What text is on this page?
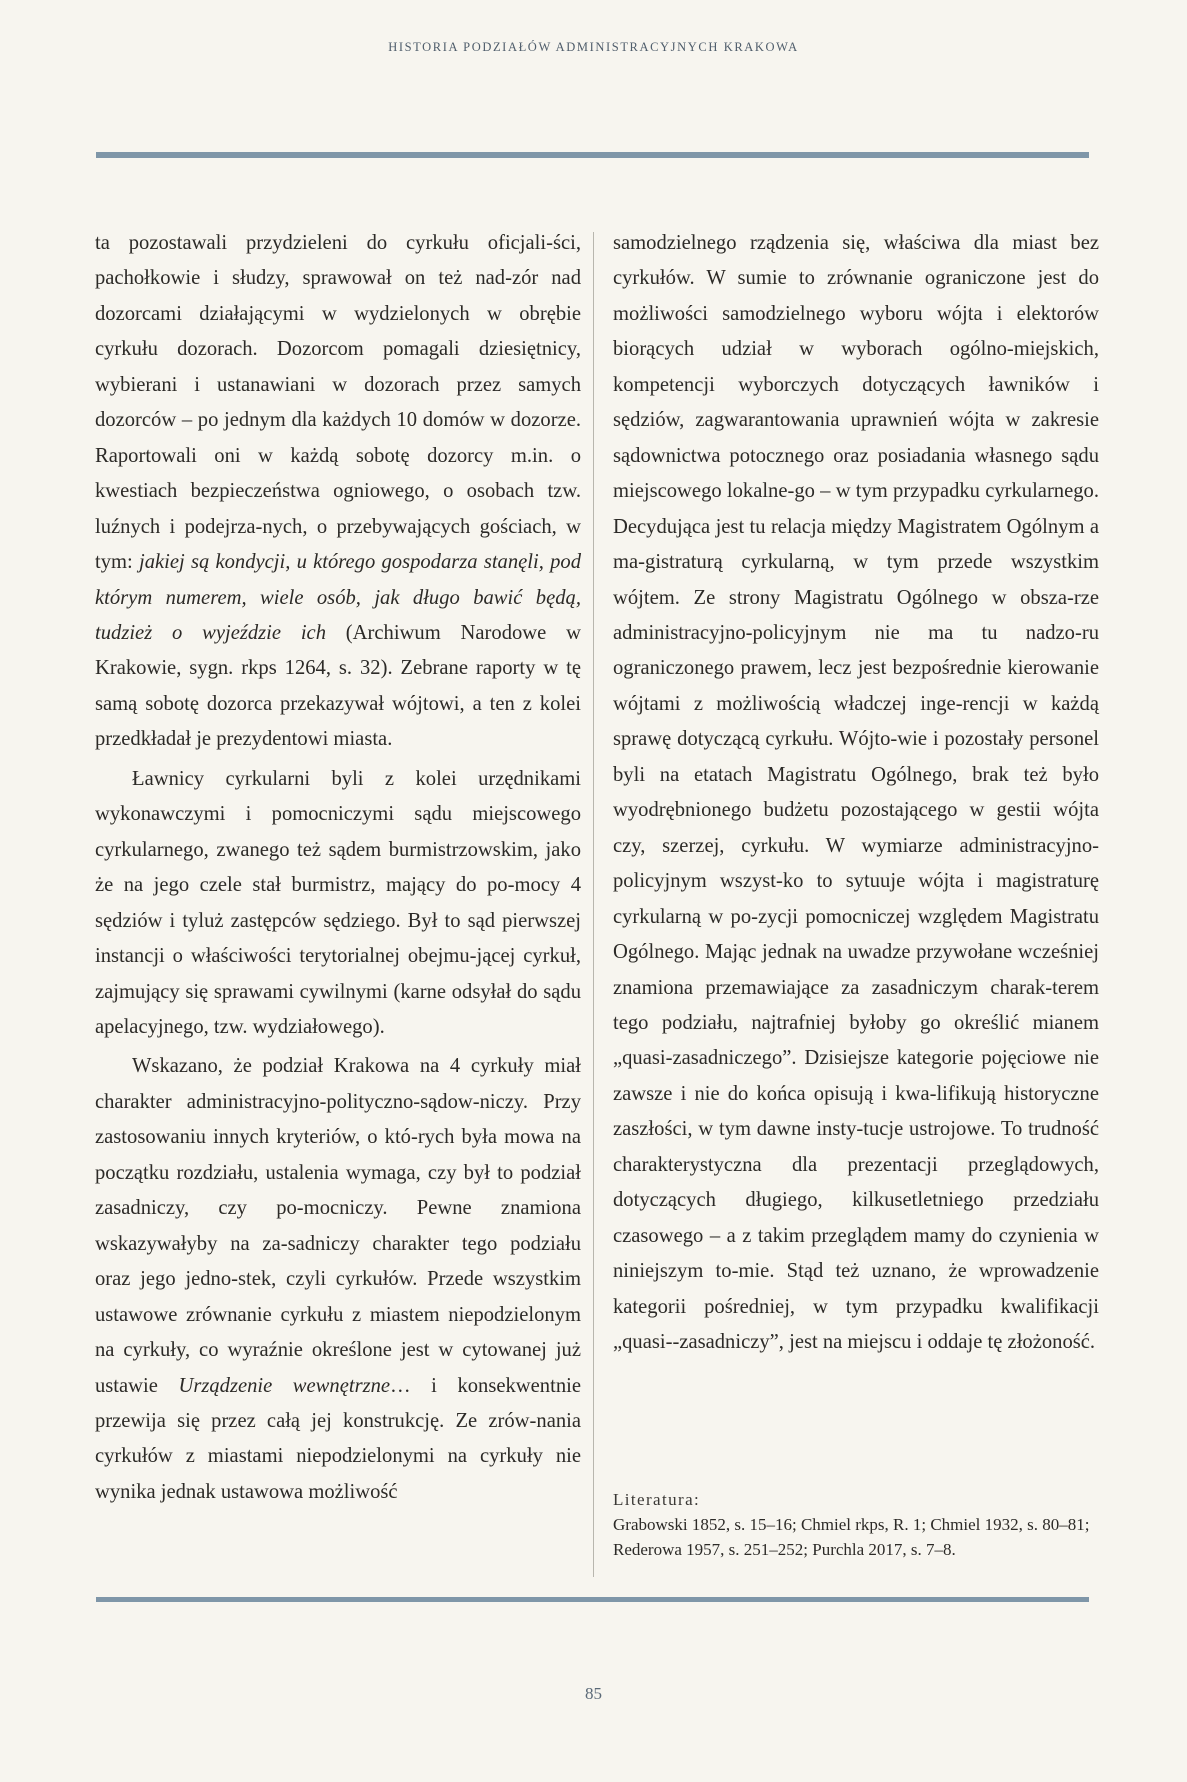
HISTORIA PODZIAŁÓW ADMINISTRACYJNYCH KRAKOWA

ta pozostawali przydzieleni do cyrkułu oficjali-ści, pachołkowie i słudzy, sprawował on też nad-zór nad dozorcami działającymi w wydzielonych w obrębie cyrkułu dozorach. Dozorcom pomagali dziesiętnicy, wybierani i ustanawiani w dozorach przez samych dozorców – po jednym dla każdych 10 domów w dozorze. Raportowali oni w każdą sobotę dozorcy m.in. o kwestiach bezpieczeństwa ogniowego, o osobach tzw. luźnych i podejrza-nych, o przebywających gościach, w tym: jakiej są kondycji, u którego gospodarza stanęli, pod którym numerem, wiele osób, jak długo bawić będą, tudzież o wyjeździe ich (Archiwum Narodowe w Krakowie, sygn. rkps 1264, s. 32). Zebrane raporty w tę samą sobotę dozorca przekazywał wójtowi, a ten z kolei przedkładał je prezydentowi miasta.

Ławnicy cyrkularni byli z kolei urzędnikami wykonawczymi i pomocniczymi sądu miejscowego cyrkularnego, zwanego też sądem burmistrzowskim, jako że na jego czele stał burmistrz, mający do po-mocy 4 sędziów i tyluż zastępców sędziego. Był to sąd pierwszej instancji o właściwości terytorialnej obejmu-jącej cyrkuł, zajmujący się sprawami cywilnymi (karne odsyłał do sądu apelacyjnego, tzw. wydziałowego).

Wskazano, że podział Krakowa na 4 cyrkuły miał charakter administracyjno-polityczno-sądow-niczy. Przy zastosowaniu innych kryteriów, o któ-rych była mowa na początku rozdziału, ustalenia wymaga, czy był to podział zasadniczy, czy po-mocniczy. Pewne znamiona wskazywałyby na za-sadniczy charakter tego podziału oraz jego jedno-stek, czyli cyrkułów. Przede wszystkim ustawowe zrównanie cyrkułu z miastem niepodzielonym na cyrkuły, co wyraźnie określone jest w cytowanej już ustawie Urządzenie wewnętrzne… i konsekwentnie przewija się przez całą jej konstrukcję. Ze zrów-nania cyrkułów z miastami niepodzielonymi na cyrkuły nie wynika jednak ustawowa możliwość

samodzielnego rządzenia się, właściwa dla miast bez cyrkułów. W sumie to zrównanie ograniczone jest do możliwości samodzielnego wyboru wójta i elektorów biorących udział w wyborach ogólno-miejskich, kompetencji wyborczych dotyczących ławników i sędziów, zagwarantowania uprawnień wójta w zakresie sądownictwa potocznego oraz posiadania własnego sądu miejscowego lokalne-go – w tym przypadku cyrkularnego. Decydująca jest tu relacja między Magistratem Ogólnym a ma-gistraturą cyrkularną, w tym przede wszystkim wójtem. Ze strony Magistratu Ogólnego w obsza-rze administracyjno-policyjnym nie ma tu nadzo-ru ograniczonego prawem, lecz jest bezpośrednie kierowanie wójtami z możliwością władczej inge-rencji w każdą sprawę dotyczącą cyrkułu. Wójto-wie i pozostały personel byli na etatach Magistratu Ogólnego, brak też było wyodrębnionego budżetu pozostającego w gestii wójta czy, szerzej, cyrkułu. W wymiarze administracyjno-policyjnym wszyst-ko to sytuuje wójta i magistraturę cyrkularną w po-zycji pomocniczej względem Magistratu Ogólnego. Mając jednak na uwadze przywołane wcześniej znamiona przemawiające za zasadniczym charak-terem tego podziału, najtrafniej byłoby go określić mianem „quasi-zasadniczego”. Dzisiejsze kategorie pojęciowe nie zawsze i nie do końca opisują i kwa-lifikują historyczne zaszłości, w tym dawne insty-tucje ustrojowe. To trudność charakterystyczna dla prezentacji przeglądowych, dotyczących długiego, kilkusetletniego przedziału czasowego – a z takim przeglądem mamy do czynienia w niniejszym to-mie. Stąd też uznano, że wprowadzenie kategorii pośredniej, w tym przypadku kwalifikacji „quasi--zasadniczy”, jest na miejscu i oddaje tę złożoność.

Literatura:

Grabowski 1852, s. 15–16; Chmiel rkps, R. 1; Chmiel 1932, s. 80–81; Rederowa 1957, s. 251–252; Purchla 2017, s. 7–8.

85
